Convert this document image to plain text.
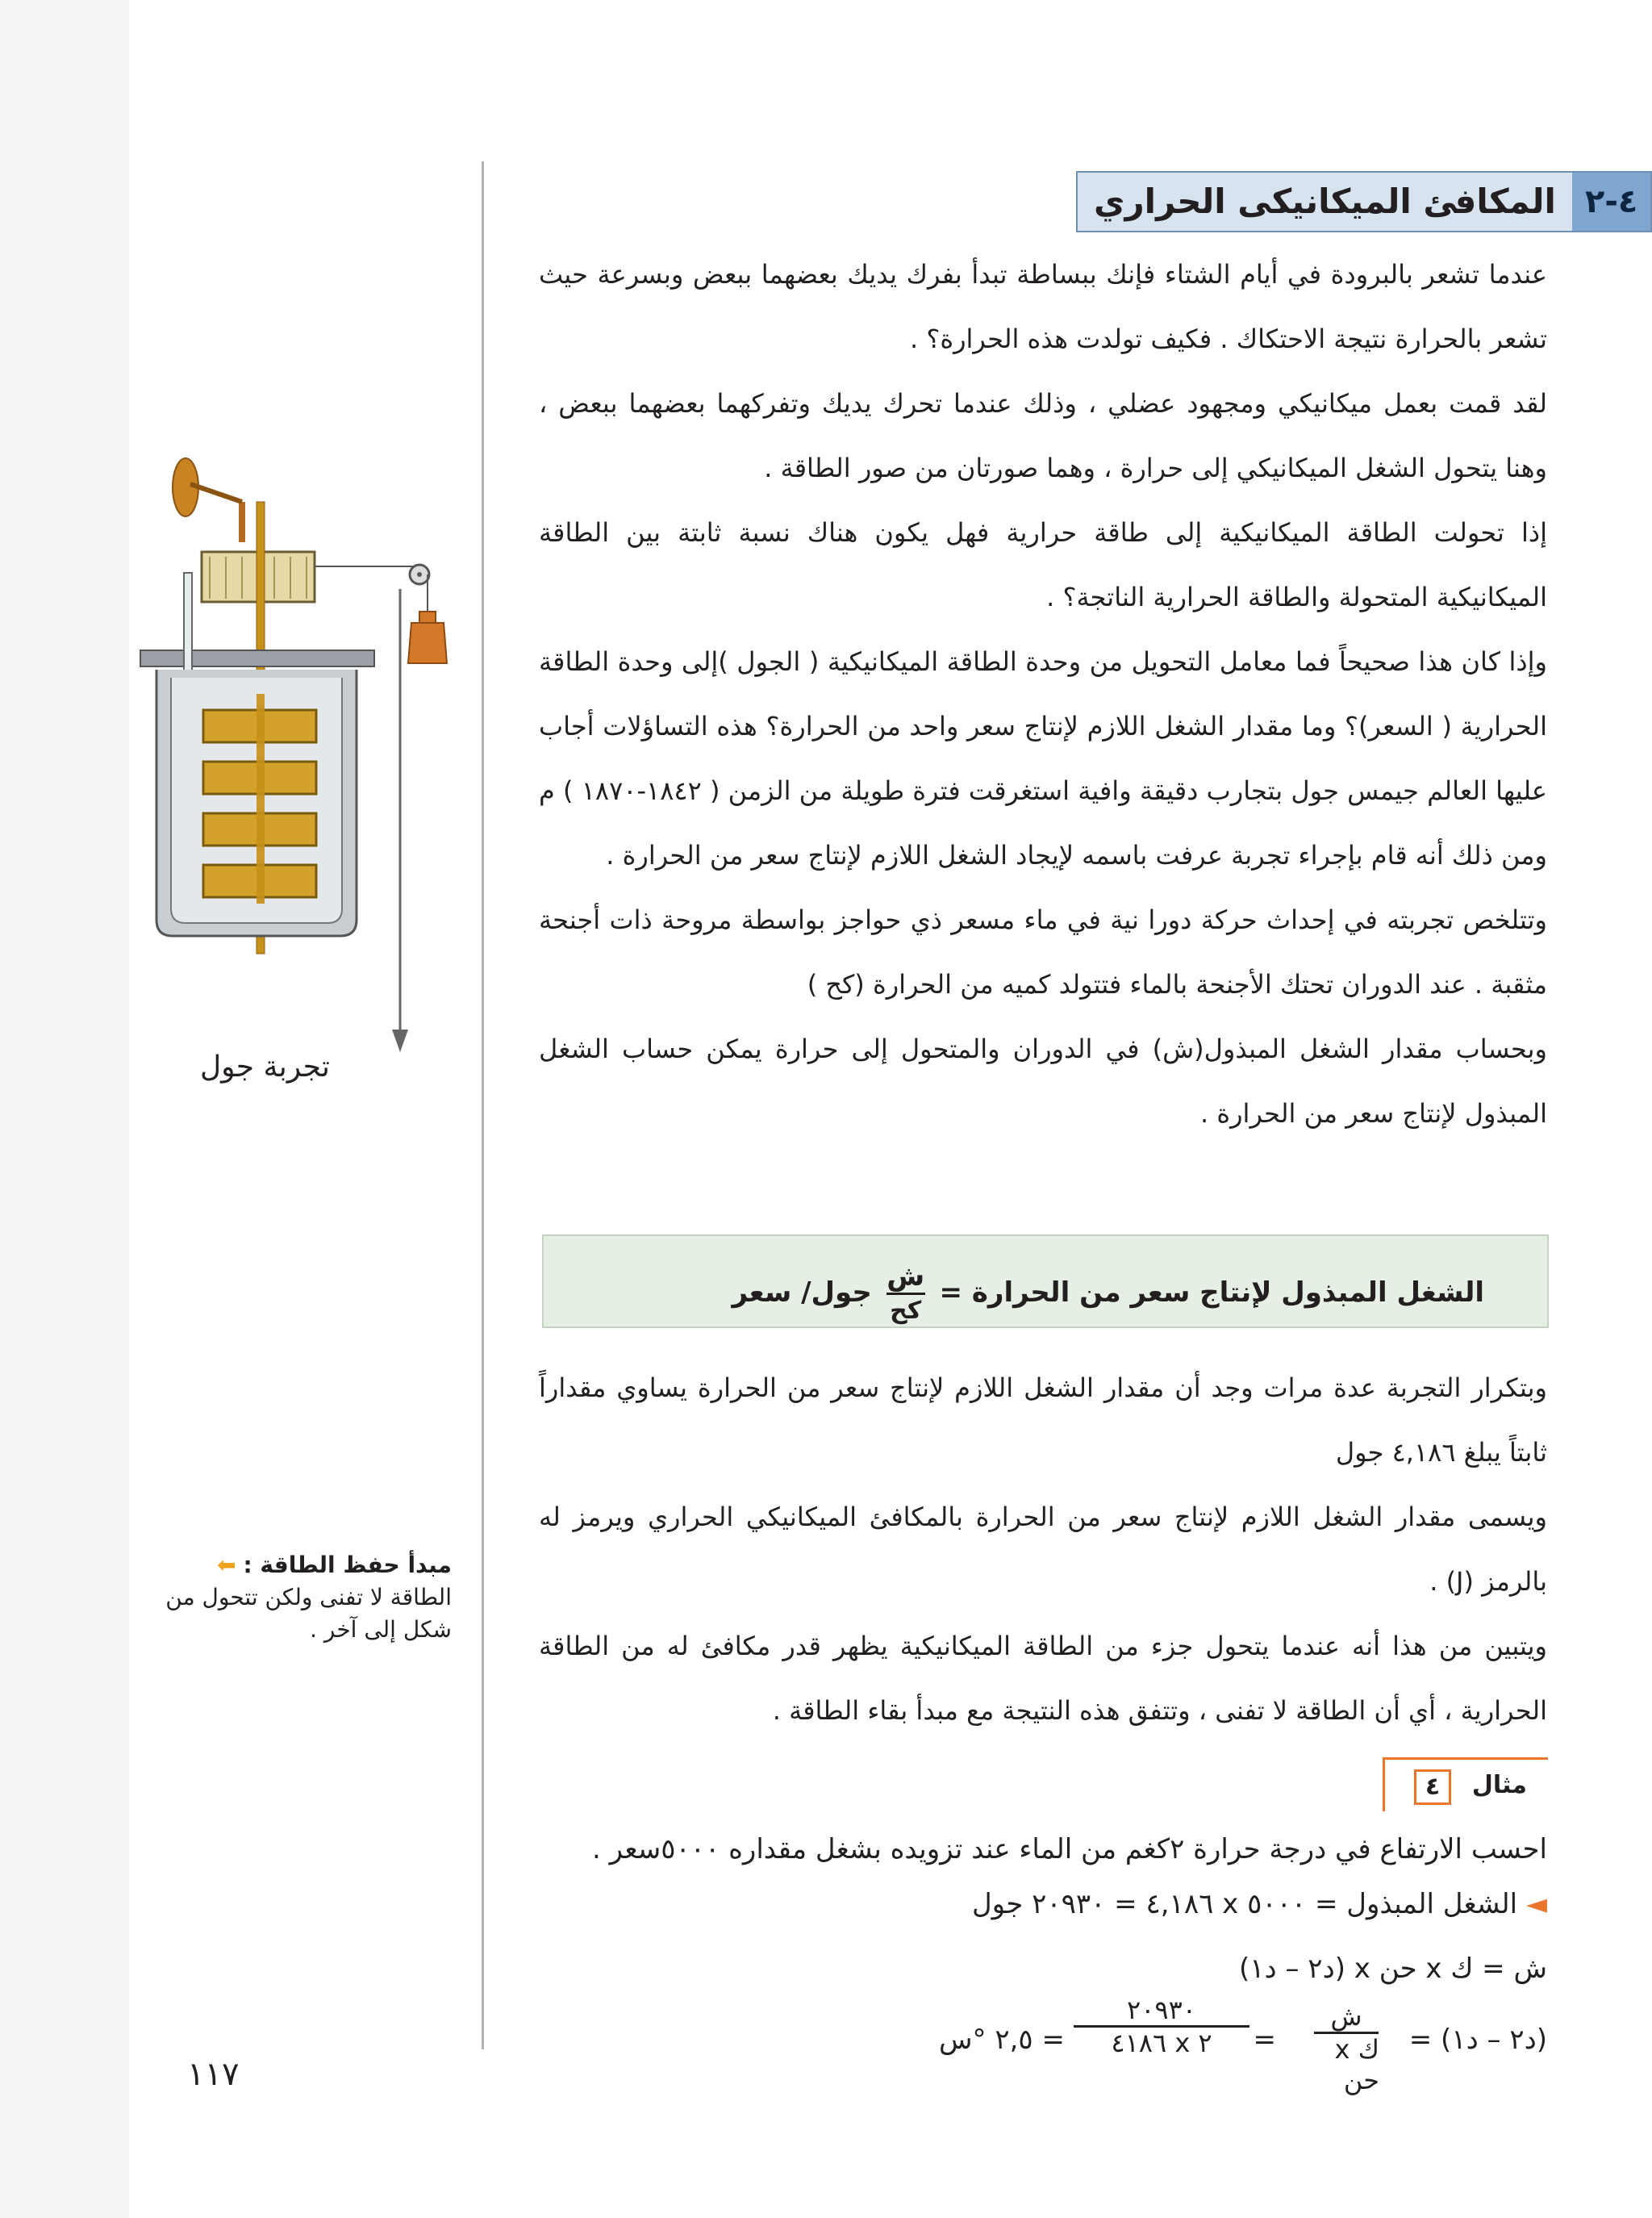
المكافئ الميكانيكى الحراري ٤-٢

عندما تشعر بالبرودة في أيام الشتاء فإنك ببساطة تبدأ بفرك يديك بعضهما ببعض وبسرعة حيث تشعر بالحرارة نتيجة الاحتكاك . فكيف تولدت هذه الحرارة؟ .

لقد قمت بعمل ميكانيكي ومجهود عضلي ، وذلك عندما تحرك يديك وتفركهما بعضهما ببعض ، وهنا يتحول الشغل الميكانيكي إلى حرارة ، وهما صورتان من صور الطاقة .

إذا تحولت الطاقة الميكانيكية إلى طاقة حرارية فهل يكون هناك نسبة ثابتة بين الطاقة الميكانيكية المتحولة والطاقة الحرارية الناتجة؟ .

وإذا كان هذا صحيحاً فما معامل التحويل من وحدة الطاقة الميكانيكية ( الجول )إلى وحدة الطاقة الحرارية ( السعر)؟ وما مقدار الشغل اللازم لإنتاج سعر واحد من الحرارة؟ هذه التساؤلات أجاب عليها العالم جيمس جول بتجارب دقيقة وافية استغرقت فترة طويلة من الزمن ( ١٨٤٢-١٨٧٠ ) م ومن ذلك أنه قام بإجراء تجربة عرفت باسمه لإيجاد الشغل اللازم لإنتاج سعر من الحرارة .

وتتلخص تجربته في إحداث حركة دورا نية في ماء مسعر ذي حواجز بواسطة مروحة ذات أجنحة مثقبة . عند الدوران تحتك الأجنحة بالماء فتتولد كميه من الحرارة (كح )

وبحساب مقدار الشغل المبذول(ش) في الدوران والمتحول إلى حرارة يمكن حساب الشغل المبذول لإنتاج سعر من الحرارة .

الشغل المبذول لإنتاج سعر من الحرارة =
$\frac{\text{ش}}{\text{كح}}$
جول/ سعر

وبتكرار التجربة عدة مرات وجد أن مقدار الشغل اللازم لإنتاج سعر من الحرارة يساوي مقداراً ثابتاً يبلغ ٤,١٨٦ جول

ويسمى مقدار الشغل اللازم لإنتاج سعر من الحرارة بالمكافئ الميكانيكي الحراري ويرمز له بالرمز (J) .

ويتبين من هذا أنه عندما يتحول جزء من الطاقة الميكانيكية يظهر قدر مكافئ له من الطاقة الحرارية ، أي أن الطاقة لا تفنى ، وتتفق هذه النتيجة مع مبدأ بقاء الطاقة .

مثال
٤
احسب الارتفاع في درجة حرارة ٢كغم من الماء عند تزويده بشغل مقداره ٥٠٠٠سعر .
◄ الشغل المبذول = ٥٠٠٠ x ٤,١٨٦ = ٢٠٩٣٠ جول
ش = ك x حن x (د٢ – د١)
(د٢ – د١) =
ش
ك x حن
=
٢٠٩٣٠
٢ x ٤١٨٦
= ٢,٥ °س
١١٧
تجربة جول
مبدأ حفظ الطاقة : ⬅
الطاقة لا تفنى ولكن تتحول من شكل إلى آخر .
